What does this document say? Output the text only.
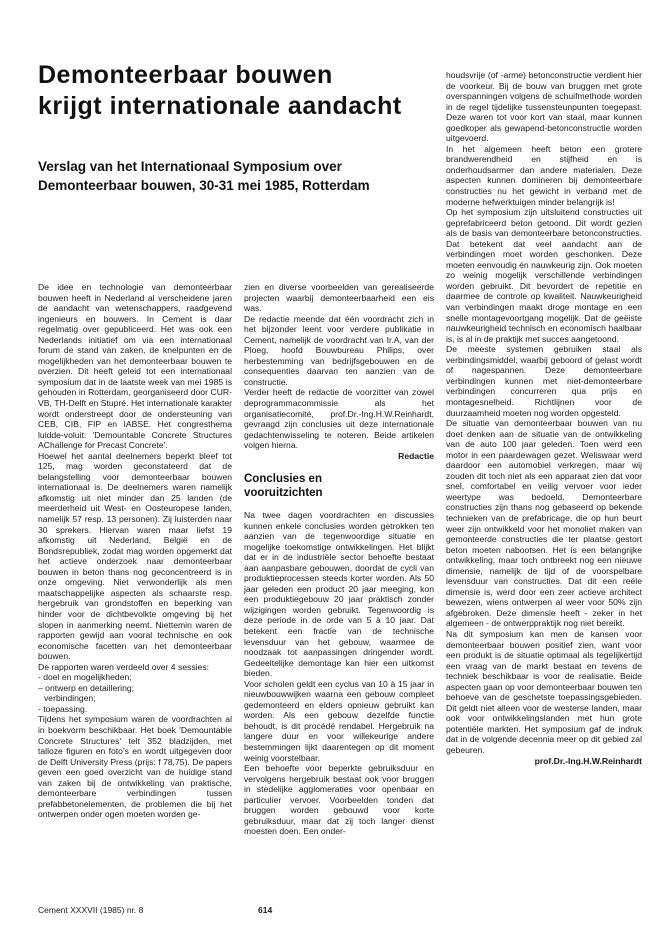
Demonteerbaar bouwen
krijgt internationale aandacht
Verslag van het Internationaal Symposium over
Demonteerbaar bouwen, 30-31 mei 1985, Rotterdam

De idee en technologie van demonteerbaar bouwen heeft in Nederland al verscheidene jaren de aandacht van wetenschappers, raadgevend ingenieurs en bouwers. In Cement is daar regelmatig over gepubliceerd. Het was ook een Nederlands initiatief om via een internationaal forum de stand van zaken, de knelpunten en de mogelijkheden van het demonteerbaar bouwen te overzien. Dit heeft geleid tot een internationaal symposium dat in de laatste week van mei 1985 is gehouden in Rotterdam, georganiseerd door CUR-VB, TH-Delft en Stupré. Het internationale karakter wordt onderstreept door de ondersteuning van CEB, CIB, FIP en IABSE. Het congresthema luidde-voluit: 'Demountable Concrete Structures AChallenge for Precast Concrete'.

Hoewel het aantal deelnemers beperkt bleef tot 125, mag worden geconstateerd dat de belangstelling voor demonteerbaar bouwen internationaal is. De deelnemers waren namelijk afkomstig uit niet minder dan 25 landen (de meerderheid uit West- en Oosteuropese landen, namelijk 57 resp. 13 personen). Zij luisterden naar 30 sprekers. Hiervan waren maar liefst 19 afkomstig uit Nederland, België en de Bondsrepubliek, zodat mag worden opgemerkt dat het actieve onderzoek naar demonteerbaar bouwen in beton thans nog geconcentreerd is in onze omgeving. Niet verwonderlijk als men maatschappelijke aspecten als schaarste resp. hergebruik van grondstoffen en beperking van hinder voor de dichtbevolkte omgeving bij het slopen in aanmerking neemt. Niettemin waren de rapporten gewijd aan vooral technische en ook economische facetten van het demonteerbaar bouwen.

De rapporten waren verdeeld over 4 sessies:

- doel en mogelijkheden;

– ontwerp en detaillering;

verbindingen;

- toepassing.

Tijdens het symposium waren de voordrachten al in boekvorm beschikbaar. Het boek 'Demountable Concrete Structures' telt 352 bladzijden, met talloze figuren en foto's en wordt uitgegeven door de Delft University Press (prijs: f 78,75). De papers geven een goed overzicht van de huidige stand van zaken bij de ontwikkeling van praktische, demonteerbare verbindingen tussen prefabbetonelementen, de problemen die bij het ontwerpen onder ogen moeten worden ge-

zien en diverse voorbeelden van gerealiseerde projecten waarbij demonteerbaarheid een eis was.

De redactie meende dat één voordracht zich in het bijzonder leent voor verdere publikatie in Cement, namelijk de voordracht van Ir.A, van der Ploeg, hoofd Bouwbureau Philips, over herbestemming van bedrijfsgebouwen en de consequenties daarvan ten aanzien van de constructie.

Verder heeft de redactie de voorzitter van zowel deprogrammacommissie als het organisatiecomité, prof.Dr.-Ing.H.W.Reinhardt, gevraagd zijn conclusies uit deze internationale gedachtenwisseling te noteren. Beide artikelen volgen hierna.

Redactie
Conclusies en
vooruitzichten

Na twee dagen voordrachten en discussies kunnen enkele conclusies worden getrokken ten aanzien van de tegenwoordige situatie en mogelijke toekomstige ontwikkelingen. Het blijkt dat er in de industriële sector behoefte bestaat aan aanpasbare gebouwen, doordat de cycli van produktieprocessen steeds korter worden. Als 50 jaar geleden een product 20 jaar meeging, kon een produktiegebouw 20 jaar praktisch zonder wijzigingen worden gebruikt. Tegenwoordig is deze periode in de orde van 5 à 10 jaar. Dat betekent een fractie van de technische levensduur van het gebouw, waarmee de noodzaak tot aanpassingen dringender wordt. Gedeeltelijke demontage kan hier een uitkomst bieden.

Voor scholen geldt een cyclus van 10 à 15 jaar in nieuwbouwwijken waarna een gebouw compleet gedemonteerd en elders opnieuw gebruikt kan worden. Als een gebouw dezelfde functie behoudt, is dit procédé rendabel. Hergebruik na langere duur en voor willekeurige andere bestemmingen lijkt daarentegen op dit moment weinig voorstelbaar.

Een behoefte voor beperkte gebruiksduur en vervolgens hergebruik bestaat ook voor bruggen in stedelijke agglomeraties voor openbaar en particulier vervoer. Voorbeelden tonden dat bruggen worden gebouwd voor korte gebruiksduur, maar dat zij toch langer dienst moesten doen. Een onder-

houdsvrije (of -arme) betonconstructie verdient hier de voorkeur. Bij de bouw van bruggen met grote overspanningen volgens de schuifmethode worden in de regel tijdelijke tussensteunpunten toegepast. Deze waren tot voor kort van staal, maar kunnen goedkoper als gewapend-betonconstructie worden uitgevoerd.

In het algemeen heeft beton een grotere brandwerendheid en stijfheid en is onderhoudsarmer dan andere materialen. Deze aspecten kunnen domineren bij demonteerbare constructies nu het gewicht in verband met de moderne hefwerktuigen minder belangrijk is!

Op het symposium zijn uitsluitend constructies uit geprefabriceerd beton getoond. Dit wordt gezien als de basis van demonteerbare betonconstructies. Dat betekent dat veel aandacht aan de verbindingen moet worden geschonken. Deze moeten eenvoudig én nauwkeurig zijn. Ook moeten zo weinig mogelijk verschillende verbindingen worden gebruikt. Dit bevordert de repetitie en daarmee de controle op kwaliteit. Nauwkeurigheid van verbindingen maakt droge montage en een snelle montagevoortgang mogelijk. Dat de geëiste nauwkeurigheid technisch en economisch haalbaar is, is al in de praktijk met succes aangetoond.

De meeste systemen gebruiken staal als verbindingsmiddel, waarbij geboord of gelast wordt of nagespannen. Deze demonteerbare verbindingen kunnen met niet-demonteerbare verbindingen concurreren qua prijs en montagesnelheid. Richtlijnen voor de duurzaamheid moeten nog worden opgesteld.

De situatie van demonteerbaar bouwen van nu doet denken aan de situatie van de ontwikkeling van de auto 100 jaar geleden. Toen werd een motor in een paardewagen gezet. Weliswaar werd daardoor een automobiel verkregen, maar wij zouden dit toch niet als een apparaat zien dat voor snel, comfortabel en veilig vervoer voor ieder weertype was bedoeld. Demonteerbare constructies zijn thans nog gebaseerd op bekende technieken van de prefabricage, die op hun beurt weer zijn ontwikkeld voor het monoliet maken van gemonteerde constructies die ter plaatse gestort beton moeten nabootsen. Het is een belangrijke ontwikkeling, maar toch ontbreekt nog een nieuwe dimensie, namelijk de tijd of de voorspelbare levensduur van constructies. Dat dit een reële dimensie is, werd door een zeer actieve architect bewezen, wiens ontwerpen al weer voor 50% zijn afgebroken. Deze dimensie heeft - zeker in het algemeen - de ontwerppraktijk nog niet bereikt.

Na dit symposium kan men de kansen voor demonteerbaar bouwen positief zien, want voor een produkt is de situatie optimaal als tegelijkertijd een vraag van de markt bestaat en tevens de techniek beschikbaar is voor de realisatie. Beide aspecten gaan op voor demonteerbaar bouwen ten behoeve van de geschetste toepassingsgebieden. Dit geldt niet alleen voor de westerse landen, maar ook voor ontwikkelingslanden met hun grote potentiële markten. Het symposium gaf de indruk dat in de volgende decennia meer op dit gebied zal gebeuren.

prof.Dr.-Ing.H.W.Reinhardt
Cement XXXVII (1985) nr. 8	614
